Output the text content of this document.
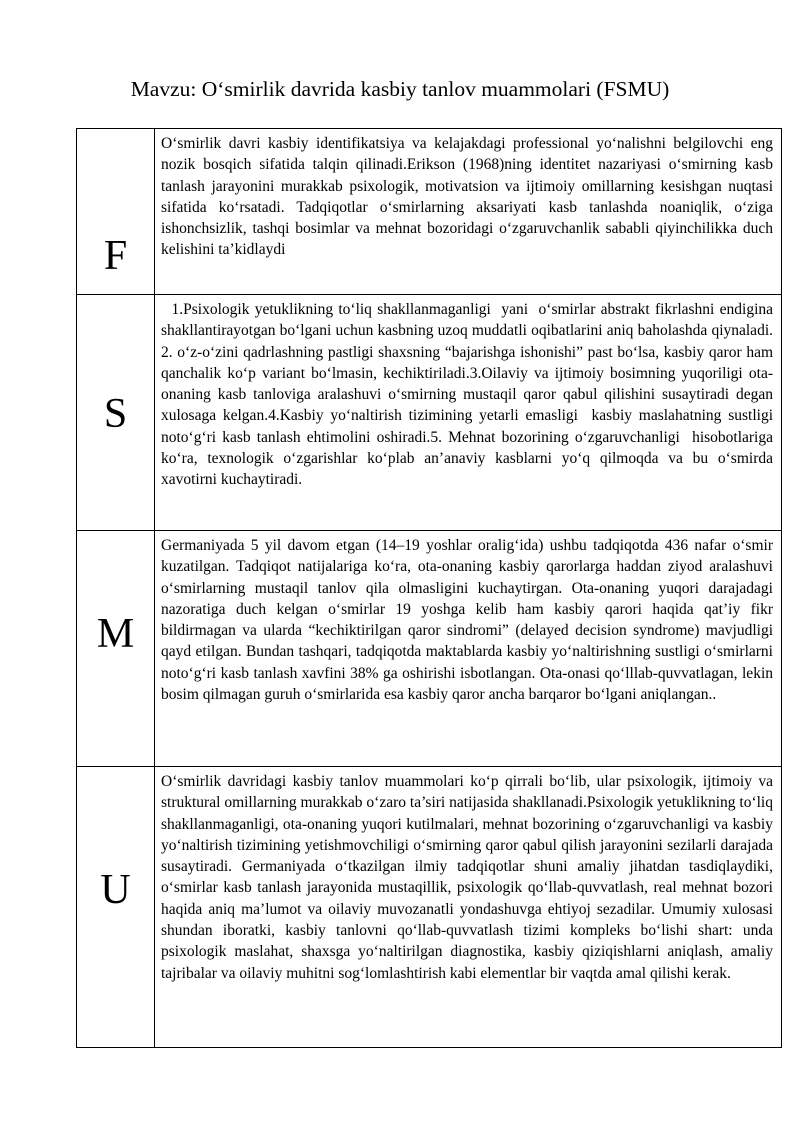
Mavzu: O‘smirlik davrida kasbiy tanlov muammolari (FSMU)
F	O‘smirlik davri kasbiy identifikatsiya va kelajakdagi professional yo‘nalishni belgilovchi eng nozik bosqich sifatida talqin qilinadi.Erikson (1968)ning identitet nazariyasi o‘smirning kasb tanlash jarayonini murakkab psixologik, motivatsion va ijtimoiy omillarning kesishgan nuqtasi sifatida ko‘rsatadi. Tadqiqotlar o‘smirlarning aksariyati kasb tanlashda noaniqlik, o‘ziga ishonchsizlik, tashqi bosimlar va mehnat bozoridagi o‘zgaruvchanlik sababli qiyinchilikka duch kelishini ta’kidlaydi

S	1.Psixologik yetuklikning to‘liq shakllanmaganligi  yani  o‘smirlar abstrakt fikrlashni endigina shakllantirayotgan bo‘lgani uchun kasbning uzoq muddatli oqibatlarini aniq baholashda qiynaladi. 2. o‘z-o‘zini qadrlashning pastligi shaxsning “bajarishga ishonishi” past bo‘lsa, kasbiy qaror ham qanchalik ko‘p variant bo‘lmasin, kechiktiriladi.3.Oilaviy va ijtimoiy bosimning yuqoriligi ota-onaning kasb tanloviga aralashuvi o‘smirning mustaqil qaror qabul qilishini susaytiradi degan xulosaga kelgan.4.Kasbiy yo‘naltirish tizimining yetarli emasligi  kasbiy maslahatning sustligi noto‘g‘ri kasb tanlash ehtimolini oshiradi.5. Mehnat bozorining o‘zgaruvchanligi  hisobotlariga ko‘ra, texnologik o‘zgarishlar ko‘plab an’anaviy kasblarni yo‘q qilmoqda va bu o‘smirda xavotirni kuchaytiradi.

M	Germaniyada 5 yil davom etgan (14–19 yoshlar oralig‘ida) ushbu tadqiqotda 436 nafar o‘smir kuzatilgan. Tadqiqot natijalariga ko‘ra, ota-onaning kasbiy qarorlarga haddan ziyod aralashuvi o‘smirlarning mustaqil tanlov qila olmasligini kuchaytirgan. Ota-onaning yuqori darajadagi nazoratiga duch kelgan o‘smirlar 19 yoshga kelib ham kasbiy qarori haqida qat’iy fikr bildirmagan va ularda “kechiktirilgan qaror sindromi” (delayed decision syndrome) mavjudligi qayd etilgan. Bundan tashqari, tadqiqotda maktablarda kasbiy yo‘naltirishning sustligi o‘smirlarni noto‘g‘ri kasb tanlash xavfini 38% ga oshirishi isbotlangan. Ota-onasi qo‘lllab-quvvatlagan, lekin bosim qilmagan guruh o‘smirlarida esa kasbiy qaror ancha barqaror bo‘lgani aniqlangan..

U	O‘smirlik davridagi kasbiy tanlov muammolari ko‘p qirrali bo‘lib, ular psixologik, ijtimoiy va struktural omillarning murakkab o‘zaro ta’siri natijasida shakllanadi.Psixologik yetuklikning to‘liq shakllanmaganligi, ota-onaning yuqori kutilmalari, mehnat bozorining o‘zgaruvchanligi va kasbiy yo‘naltirish tizimining yetishmovchiligi o‘smirning qaror qabul qilish jarayonini sezilarli darajada susaytiradi. Germaniyada o‘tkazilgan ilmiy tadqiqotlar shuni amaliy jihatdan tasdiqlaydiki, o‘smirlar kasb tanlash jarayonida mustaqillik, psixologik qo‘llab-quvvatlash, real mehnat bozori haqida aniq ma’lumot va oilaviy muvozanatli yondashuvga ehtiyoj sezadilar. Umumiy xulosasi shundan iboratki, kasbiy tanlovni qo‘llab-quvvatlash tizimi kompleks bo‘lishi shart: unda psixologik maslahat, shaxsga yo‘naltirilgan diagnostika, kasbiy qiziqishlarni aniqlash, amaliy tajribalar va oilaviy muhitni sog‘lomlashtirish kabi elementlar bir vaqtda amal qilishi kerak.
